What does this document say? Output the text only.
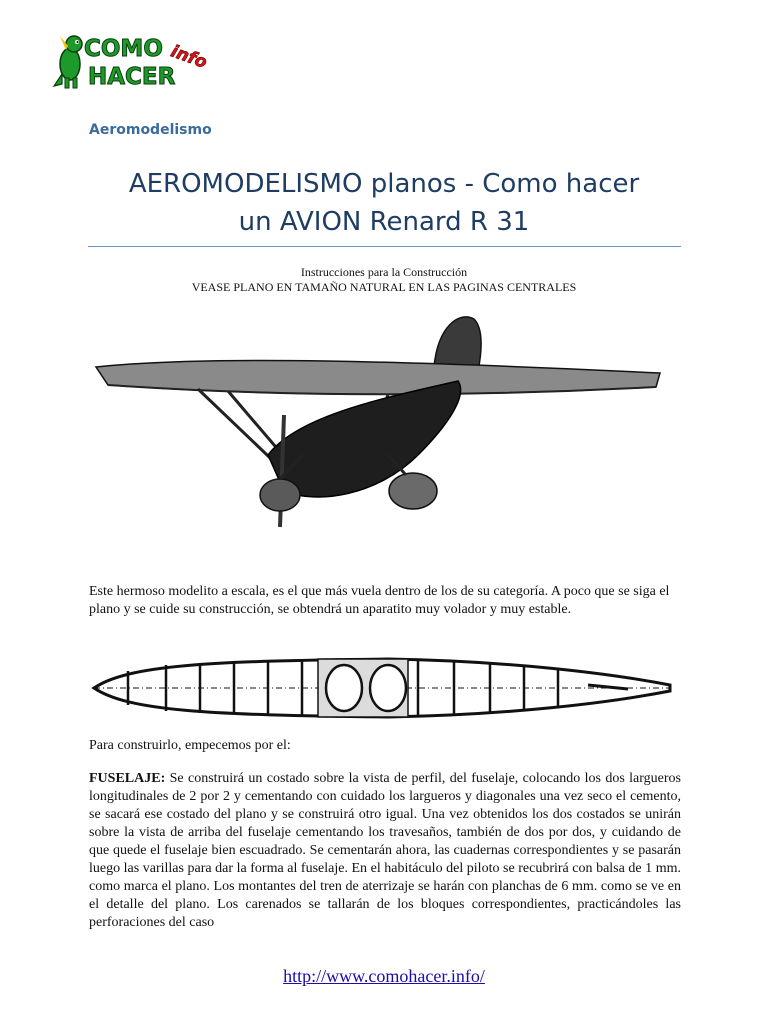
COMO
HACER
info
Aeromodelismo
AEROMODELISMO planos - Como hacer
un AVION Renard R 31
Instrucciones para la Construcción
VEASE PLANO EN TAMAÑO NATURAL EN LAS PAGINAS CENTRALES

Este hermoso modelito a escala, es el que más vuela dentro de los de su categoría. A poco que se siga el plano y se cuide su construcción, se obtendrá un aparatito muy volador y muy estable.

Para construirlo, empecemos por el:

FUSELAJE: Se construirá un costado sobre la vista de perfil, del fuselaje, colocando los dos largueros longitudinales de 2 por 2 y cementando con cuidado los largueros y diagonales una vez seco el cemento, se sacará ese costado del plano y se construirá otro igual. Una vez obtenidos los dos costados se unirán sobre la vista de arriba del fuselaje cementando los travesaños, también de dos por dos, y cuidando de que quede el fuselaje bien escuadrado. Se cementarán ahora, las cuadernas correspondientes y se pasarán luego las varillas para dar la forma al fuselaje. En el habitáculo del piloto se recubrirá con balsa de 1 mm. como marca el plano. Los montantes del tren de aterrizaje se harán con planchas de 6 mm. como se ve en el detalle del plano. Los carenados se tallarán de los bloques correspondientes, practicándoles las perforaciones del caso

http://www.comohacer.info/
